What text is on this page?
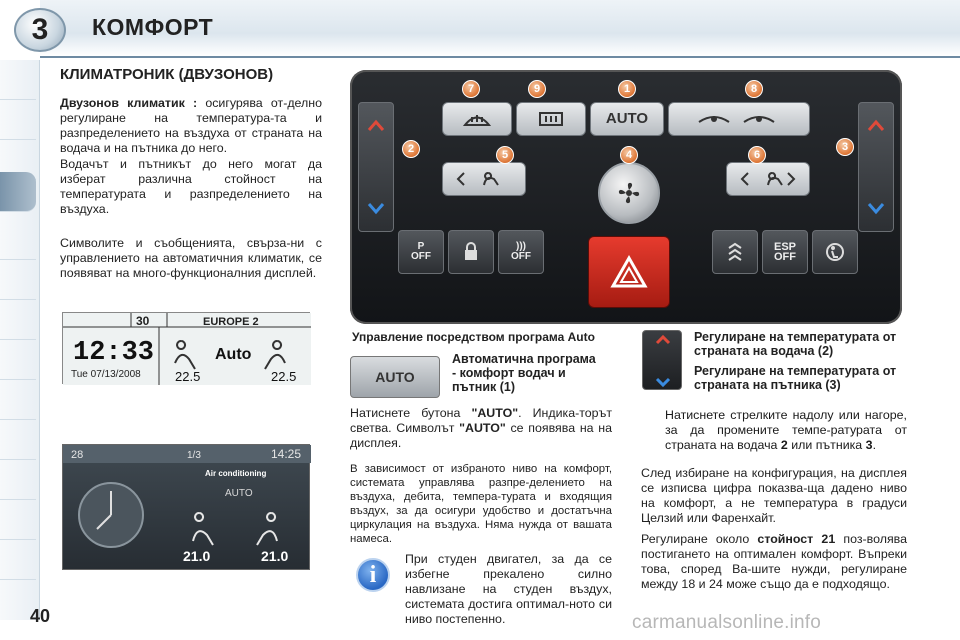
3	КОМФОРТ
КЛИМАТРОНИК (ДВУЗОНОВ)
Двузонов климатик : осигурява от-делно регулиране на температура-та и разпределението на въздуха от страната на водача и на пътника до него.
Водачът и пътникът до него могат да изберат различна стойност на температурата и разпределението на въздуха.
Символите и съобщенията, свърза-ни с управлението на автоматичния климатик, се появяват на много-функционалния дисплей.
30	EUROPE 2
12:33
Tue 07/13/2008
Auto
22.5	22.5
28	1/3	14:25
Air conditioning
AUTO
21.0	21.0
AUTO
P
OFF
)))
OFF
ESP
OFF
7	9	1	8
2	5	4	6
3
Управление посредством програма Auto
AUTO
Автоматична програма - комфорт водач и пътник (1)
Натиснете бутона "AUTO". Индика-торът светва. Символът "AUTO" се появява на на дисплея.
В зависимост от избраното ниво на комфорт, системата управлява разпре-делението на въздуха, дебита, темпера-турата и входящия въздух, за да осигури удобство и достатъчна циркулация на въздуха. Няма нужда от вашата намеса.
i
При студен двигател, за да се избегне прекалено силно навлизане на студен въздух, системата достига оптимал-ното си ниво постепенно.
Регулиране на температурата от страната на водача (2)
Регулиране на температурата от страната на пътника (3)
Натиснете стрелките надолу или нагоре, за да промените темпе-ратурата от страната на водача 2 или пътника 3.
След избиране на конфигурация, на дисплея се изписва цифра показва-ща дадено ниво на комфорт, а не температура в градуси Целзий или Фаренхайт.
Регулиране около стойност 21 поз-волява постигането на оптимален комфорт. Въпреки това, според Ва-шите нужди, регулиране между 18 и 24 може също да е подходящо.
40	carmanualsonline.info
